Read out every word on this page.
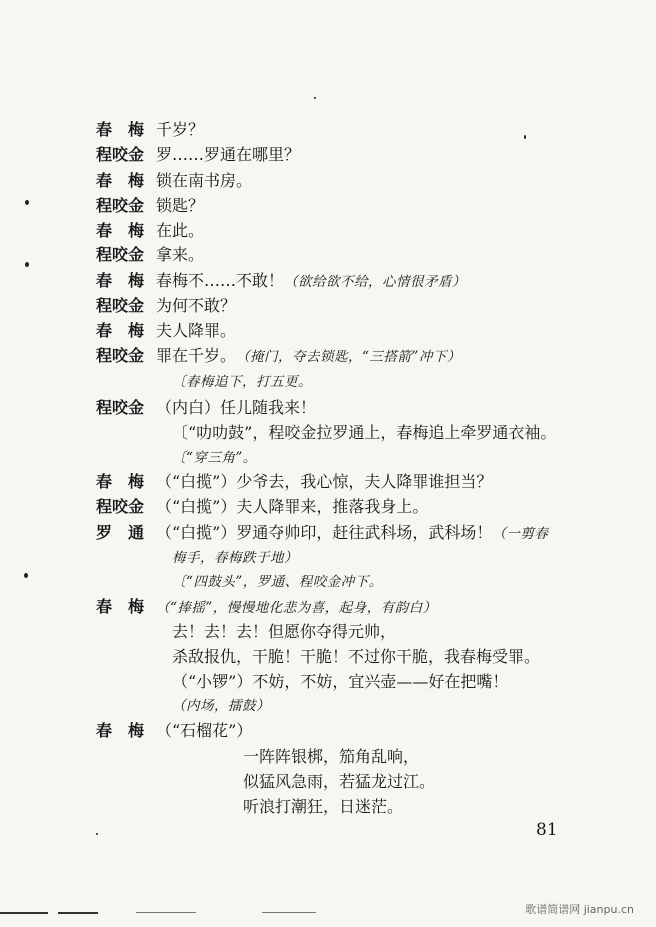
春　梅 千岁？
程咬金 罗……罗通在哪里？
春　梅 锁在南书房。
程咬金 锁匙？
春　梅 在此。
程咬金 拿来。
春　梅 春梅不……不敢！（欲给欲不给，心情很矛盾）
程咬金 为何不敢？
春　梅 夫人降罪。
程咬金 罪在千岁。（掩门，夺去锁匙，“三搭箭”冲下）
〔春梅追下，打五更。
程咬金 （内白）任儿随我来！
〔“叻叻鼓”，程咬金拉罗通上，春梅追上牵罗通衣袖。
〔“穿三角”。
春　梅 （“白揽”）少爷去，我心惊，夫人降罪谁担当？
程咬金 （“白揽”）夫人降罪来，推落我身上。
罗　通 （“白揽”）罗通夺帅印，赶往武科场，武科场！（一剪春
梅手，春梅跌于地）
〔“四鼓头”，罗通、程咬金冲下。
春　梅 （“捧摇”，慢慢地化悲为喜，起身，有韵白）
去！去！去！但愿你夺得元帅，
杀敌报仇，干脆！干脆！不过你干脆，我春梅受罪。
（“小锣”）不妨，不妨，宜兴壶——好在把嘴！
（内场，擂鼓）
春　梅 （“石榴花”）
一阵阵银梆，笳角乱响，
似猛风急雨，若猛龙过江。
听浪打潮狂，日迷茫。
81
歌谱简谱网 jianpu.cn
